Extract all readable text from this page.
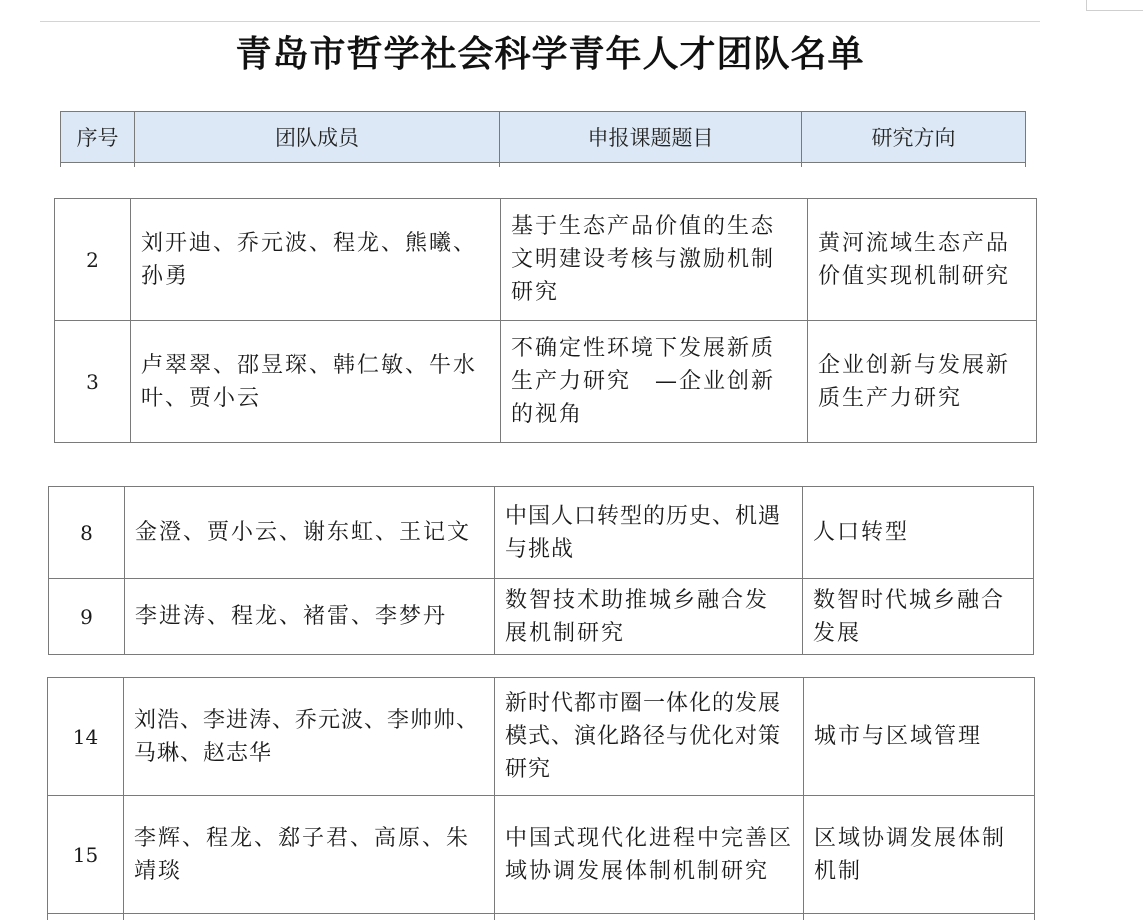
青岛市哲学社会科学青年人才团队名单
序号	团队成员	申报课题题目	研究方向

2	刘开迪、乔元波、程龙、熊曦、孙勇	基于生态产品价值的生态文明建设考核与激励机制研究	黄河流域生态产品价值实现机制研究
3	卢翠翠、邵昱琛、韩仁敏、牛水叶、贾小云	不确定性环境下发展新质生产力研究　—企业创新的视角	企业创新与发展新质生产力研究
8	金澄、贾小云、谢东虹、王记文	中国人口转型的历史、机遇与挑战	人口转型
9	李进涛、程龙、褚雷、李梦丹	数智技术助推城乡融合发展机制研究	数智时代城乡融合发展
14	刘浩、李进涛、乔元波、李帅帅、马琳、赵志华	新时代都市圈一体化的发展模式、演化路径与优化对策研究	城市与区域管理
15	李辉、程龙、郄子君、高原、朱靖琰	中国式现代化进程中完善区域协调发展体制机制研究	区域协调发展体制机制
